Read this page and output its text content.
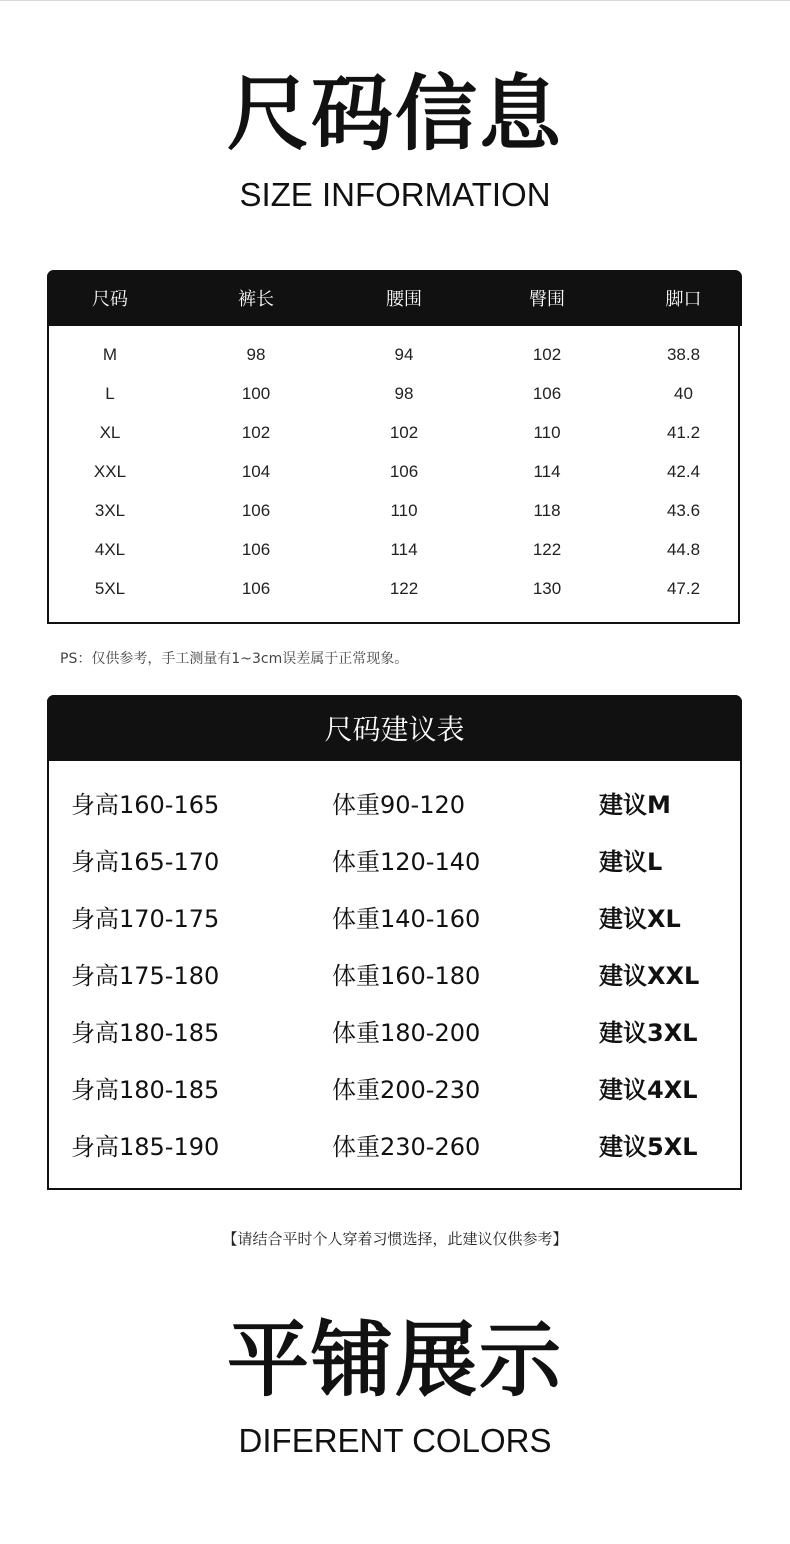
尺码信息
SIZE INFORMATION
尺码	裤长	腰围	臀围	脚口
M	98	94	102	38.8
L	100	98	106	40
XL	102	102	110	41.2
XXL	104	106	114	42.4
3XL	106	110	118	43.6
4XL	106	114	122	44.8
5XL	106	122	130	47.2
PS：仅供参考，手工测量有1~3cm误差属于正常现象。
尺码建议表
身高160-165	体重90-120	建议M
身高165-170	体重120-140	建议L
身高170-175	体重140-160	建议XL
身高175-180	体重160-180	建议XXL
身高180-185	体重180-200	建议3XL
身高180-185	体重200-230	建议4XL
身高185-190	体重230-260	建议5XL
【请结合平时个人穿着习惯选择，此建议仅供参考】
平铺展示
DIFERENT COLORS
